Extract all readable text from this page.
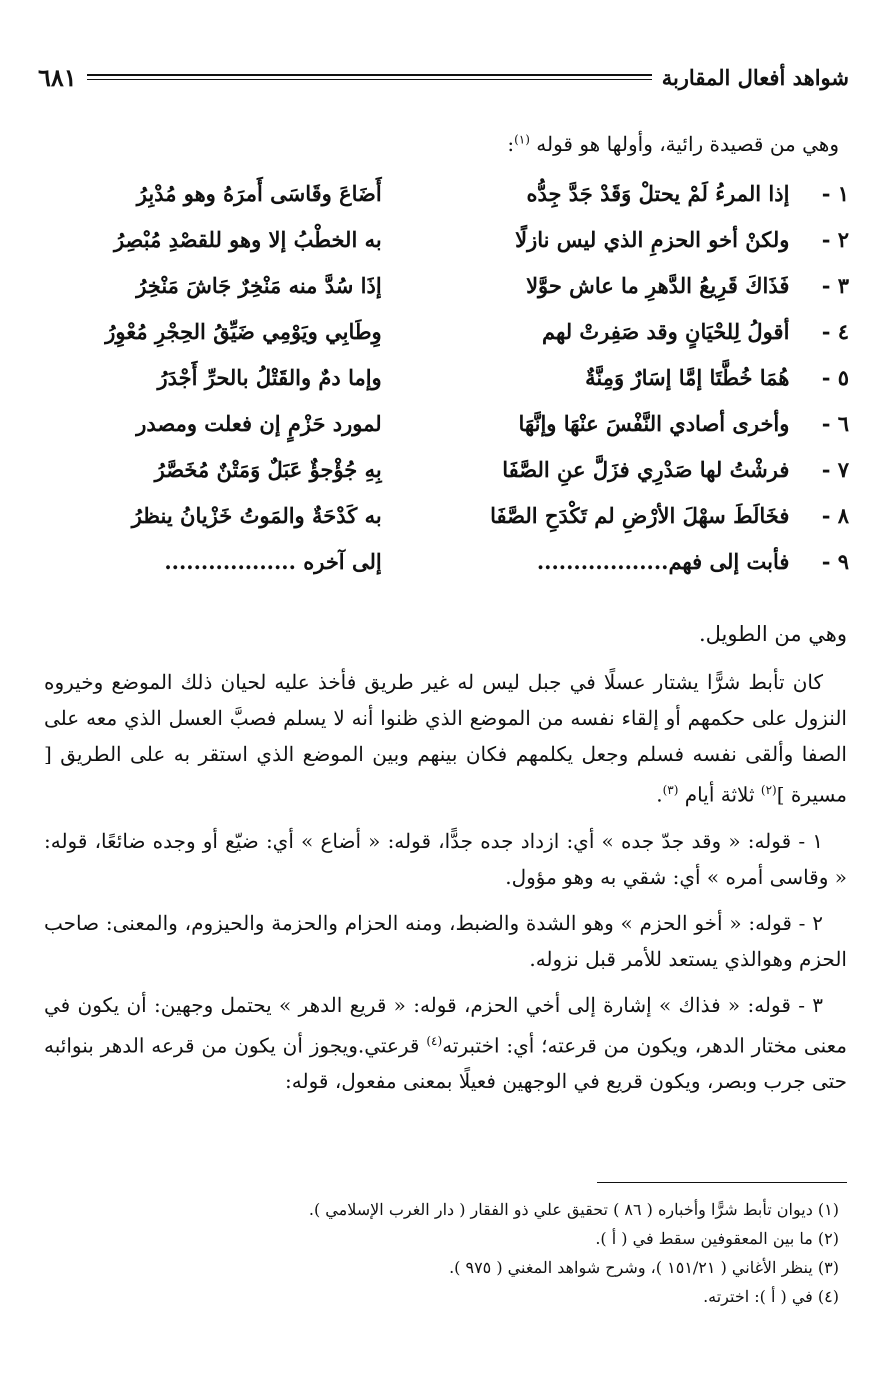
شواهد أفعال المقاربة
٦٨١
وهي من قصيدة رائية، وأولها هو قوله $^{(١)}$:
١ -
إذا المرءُ لَمْ يحتلْ وَقَدْ جَدَّ جِدُّه
أَضَاعَ وقَاسَى أَمرَهُ وهو مُدْبِرُ
٢ -
ولكنْ أخو الحزمِ الذي ليس نازلًا
به الخطْبُ إلا وهو للقصْدِ مُبْصِرُ
٣ -
فَذَاكَ قَرِيعُ الدَّهرِ ما عاش حوَّلا
إذَا سُدَّ منه مَنْخِرٌ جَاشَ مَنْخِرُ
٤ -
أقولُ لِلحْيَانٍ وقد صَفِرتْ لهم
وِطَابِي ويَوْمِي ضَيِّقُ الحِجْرِ مُعْوِرُ
٥ -
هُمَا خُطَّتَا إمَّا إسَارٌ وَمِنَّةٌ
وإما دمٌ والقَتْلُ بالحرِّ أَجْدَرُ
٦ -
وأخرى أصادي النَّفْسَ عنْهَا وإنَّهَا
لمورد حَزْمٍ إن فعلت ومصدر
٧ -
فرشْتُ لها صَدْرِي فزَلَّ عنِ الصَّفَا
بِهِ جُؤْجؤٌ عَبَلٌ وَمَتْنٌ مُخَصَّرُ
٨ -
فخَالَطَ سهْلَ الأرْضِ لم تَكْدَحِ الصَّفَا
به كَدْحَةٌ والمَوتُ خَزْيانُ ينظرُ
٩ -
فأبت إلى فهم..................
إلى آخره ..................
وهي من الطويل.

كان تأبط شرًّا يشتار عسلًا في جبل ليس له غير طريق فأخذ عليه لحيان ذلك الموضع وخيروه النزول على حكمهم أو إلقاء نفسه من الموضع الذي ظنوا أنه لا يسلم فصبَّ العسل الذي معه على الصفا وألقى نفسه فسلم وجعل يكلمهم فكان بينهم وبين الموضع الذي استقر به على الطريق [ مسيرة ]$^{(٢)}$ ثلاثة أيام $^{(٣)}$.

١ - قوله: « وقد جدّ جده » أي: ازداد جده جدًّا، قوله: « أضاع » أي: ضيّع أو وجده ضائعًا، قوله: « وقاسى أمره » أي: شقي به وهو مؤول.

٢ - قوله: « أخو الحزم » وهو الشدة والضبط، ومنه الحزام والحزمة والحيزوم، والمعنى: صاحب الحزم وهوالذي يستعد للأمر قبل نزوله.

٣ - قوله: « فذاك » إشارة إلى أخي الحزم، قوله: « قريع الدهر » يحتمل وجهين: أن يكون في معنى مختار الدهر، ويكون من قرعته؛ أي: اختبرته$^{(٤)}$ قرعتي.ويجوز أن يكون من قرعه الدهر بنوائبه حتى جرب وبصر، ويكون قريع في الوجهين فعيلًا بمعنى مفعول، قوله:

(١) ديوان تأبط شرًّا وأخباره ( ٨٦ ) تحقيق علي ذو الفقار ( دار الغرب الإسلامي ).

(٢) ما بين المعقوفين سقط في ( أ ).

(٣) ينظر الأغاني ( ١٥١/٢١ )، وشرح شواهد المغني ( ٩٧٥ ).

(٤) في ( أ ): اخترته.
